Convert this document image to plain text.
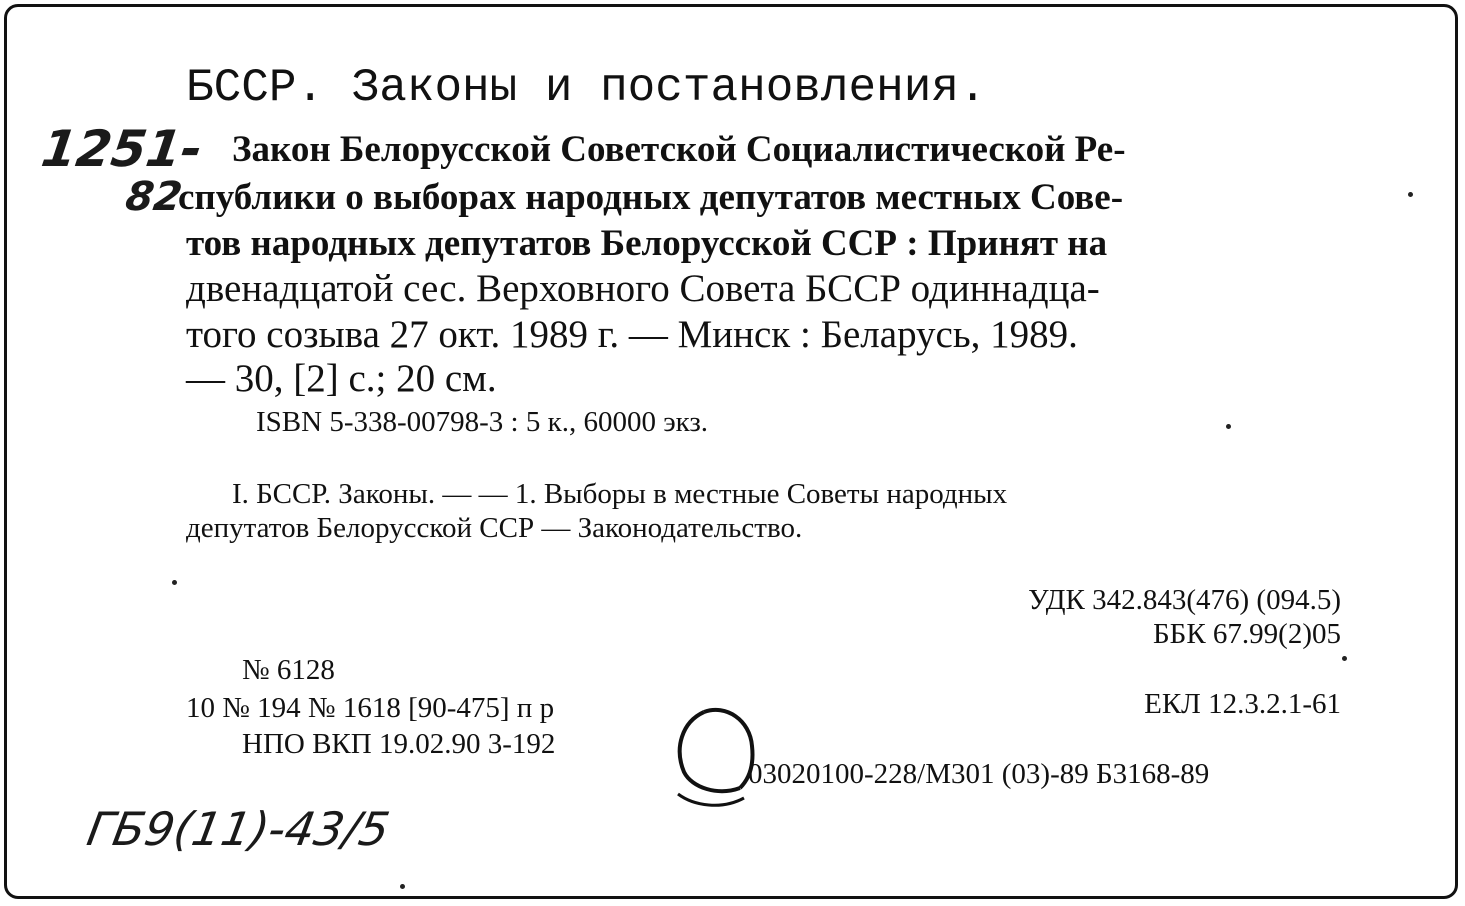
БССР. Законы и постановления.
1251-
82
Закон Белорусской Советской Социалистической Ре-
спублики о выборах народных депутатов местных Сове-
тов народных депутатов Белорусской ССР : Принят на
двенадцатой сес. Верховного Совета БССР одиннадца-
того созыва 27 окт. 1989 г. — Минск : Беларусь, 1989.
— 30, [2] с.; 20 см.
ISBN 5-338-00798-3 : 5 к., 60000 экз.
I. БССР. Законы. — — 1. Выборы в местные Советы народных
депутатов Белорусской ССР — Законодательство.
УДК 342.843(476) (094.5)
ББК 67.99(2)05
№ 6128
10 № 194 № 1618 [90-475] п р
НПО ВКП 19.02.90 3-192
ЕКЛ 12.3.2.1-61
03020100-228/М301 (03)-89 Б3168-89
ГБ9(11)-43/5
